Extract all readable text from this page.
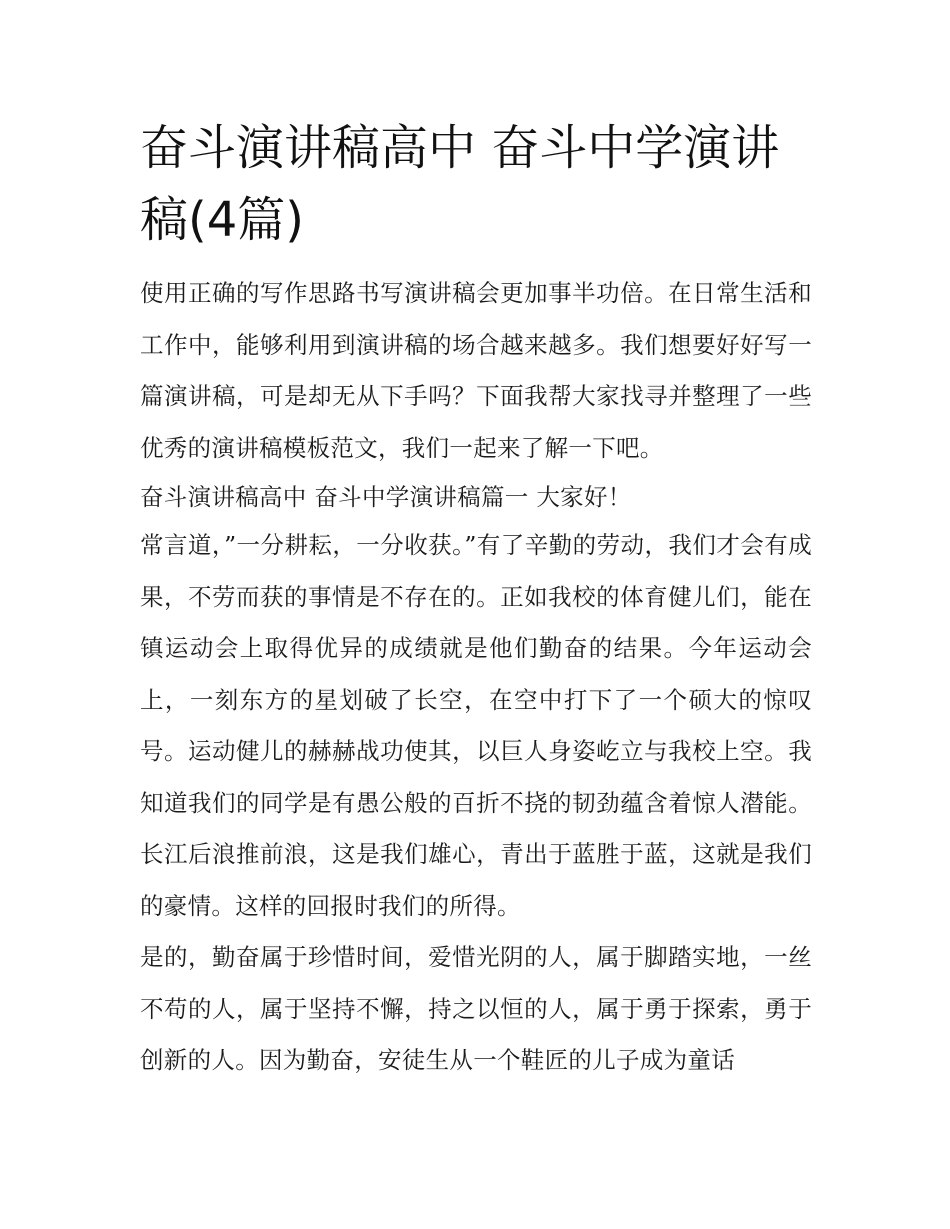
奋斗演讲稿高中 奋斗中学演讲稿(4篇)

使用正确的写作思路书写演讲稿会更加事半功倍。在日常生活和工作中，能够利用到演讲稿的场合越来越多。我们想要好好写一篇演讲稿，可是却无从下手吗？下面我帮大家找寻并整理了一些优秀的演讲稿模板范文，我们一起来了解一下吧。

奋斗演讲稿高中 奋斗中学演讲稿篇一 大家好！

常言道，”一分耕耘，一分收获。”有了辛勤的劳动，我们才会有成果，不劳而获的事情是不存在的。正如我校的体育健儿们，能在镇运动会上取得优异的成绩就是他们勤奋的结果。今年运动会上，一刻东方的星划破了长空，在空中打下了一个硕大的惊叹号。运动健儿的赫赫战功使其，以巨人身姿屹立与我校上空。我知道我们的同学是有愚公般的百折不挠的韧劲蕴含着惊人潜能。长江后浪推前浪，这是我们雄心，青出于蓝胜于蓝，这就是我们的豪情。这样的回报时我们的所得。

是的，勤奋属于珍惜时间，爱惜光阴的人，属于脚踏实地，一丝不苟的人，属于坚持不懈，持之以恒的人，属于勇于探索，勇于创新的人。因为勤奋，安徒生从一个鞋匠的儿子成为童话
